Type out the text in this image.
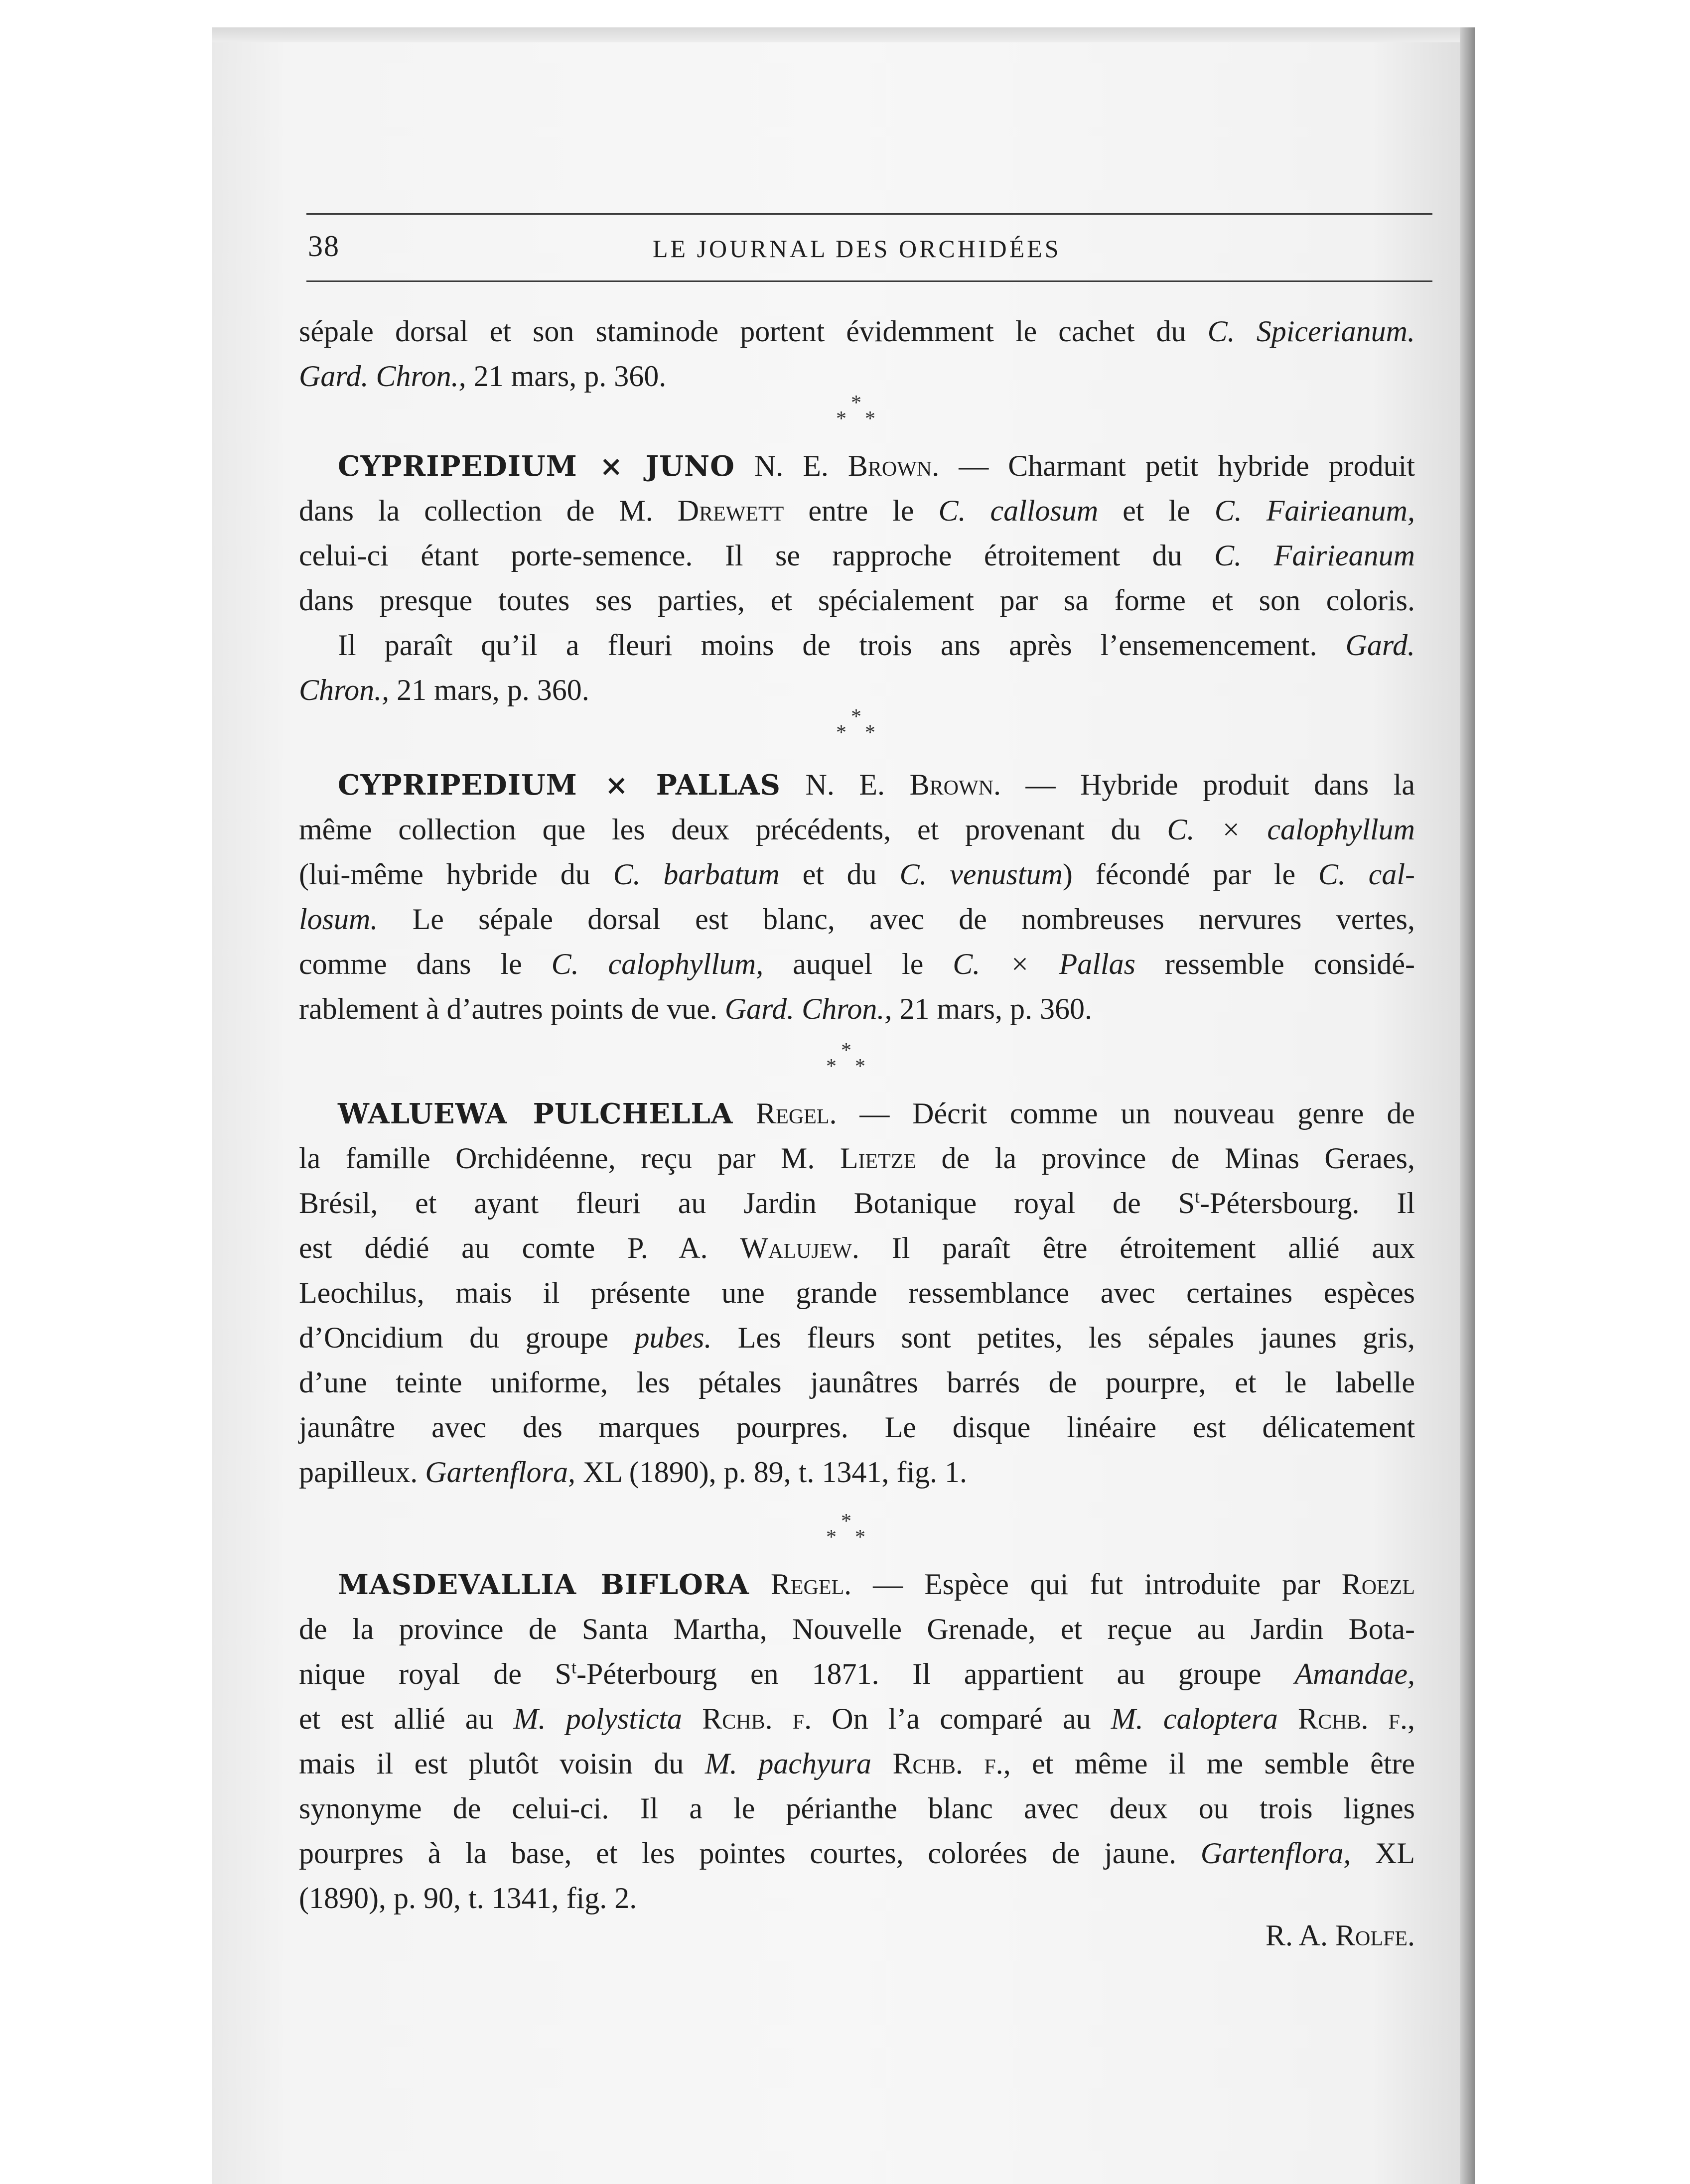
38	LE JOURNAL DES ORCHIDÉES
sépale dorsal et son staminode portent évidemment le cachet du C. Spicerianum.
Gard. Chron., 21 mars, p. 360.
*
* *
CYPRIPEDIUM × JUNO N. E. Brown. — Charmant petit hybride produit
dans la collection de M. Drewett entre le C. callosum et le C. Fairieanum,
celui-ci étant porte-semence. Il se rapproche étroitement du C. Fairieanum
dans presque toutes ses parties, et spécialement par sa forme et son coloris.
Il paraît qu’il a fleuri moins de trois ans après l’ensemencement. Gard.
Chron., 21 mars, p. 360.
*
* *
CYPRIPEDIUM × PALLAS N. E. Brown. — Hybride produit dans la
même collection que les deux précédents, et provenant du C. × calophyllum
(lui-même hybride du C. barbatum et du C. venustum) fécondé par le C. cal-
losum. Le sépale dorsal est blanc, avec de nombreuses nervures vertes,
comme dans le C. calophyllum, auquel le C. × Pallas ressemble considé-
rablement à d’autres points de vue. Gard. Chron., 21 mars, p. 360.
*
* *
WALUEWA PULCHELLA Regel. — Décrit comme un nouveau genre de
la famille Orchidéenne, reçu par M. Lietze de la province de Minas Geraes,
Brésil, et ayant fleuri au Jardin Botanique royal de $S^t$-Pétersbourg. Il
est dédié au comte P. A. Walujew. Il paraît être étroitement allié aux
Leochilus, mais il présente une grande ressemblance avec certaines espèces
d’Oncidium du groupe pubes. Les fleurs sont petites, les sépales jaunes gris,
d’une teinte uniforme, les pétales jaunâtres barrés de pourpre, et le labelle
jaunâtre avec des marques pourpres. Le disque linéaire est délicatement
papilleux. Gartenflora, XL (1890), p. 89, t. 1341, fig. 1.
*
* *
MASDEVALLIA BIFLORA Regel. — Espèce qui fut introduite par Roezl
de la province de Santa Martha, Nouvelle Grenade, et reçue au Jardin Bota-
nique royal de $S^t$-Péterbourg en 1871. Il appartient au groupe Amandae,
et est allié au M. polysticta Rchb. f. On l’a comparé au M. caloptera Rchb. f.,
mais il est plutôt voisin du M. pachyura Rchb. f., et même il me semble être
synonyme de celui-ci. Il a le périanthe blanc avec deux ou trois lignes
pourpres à la base, et les pointes courtes, colorées de jaune. Gartenflora, XL
(1890), p. 90, t. 1341, fig. 2.
R. A. Rolfe.
